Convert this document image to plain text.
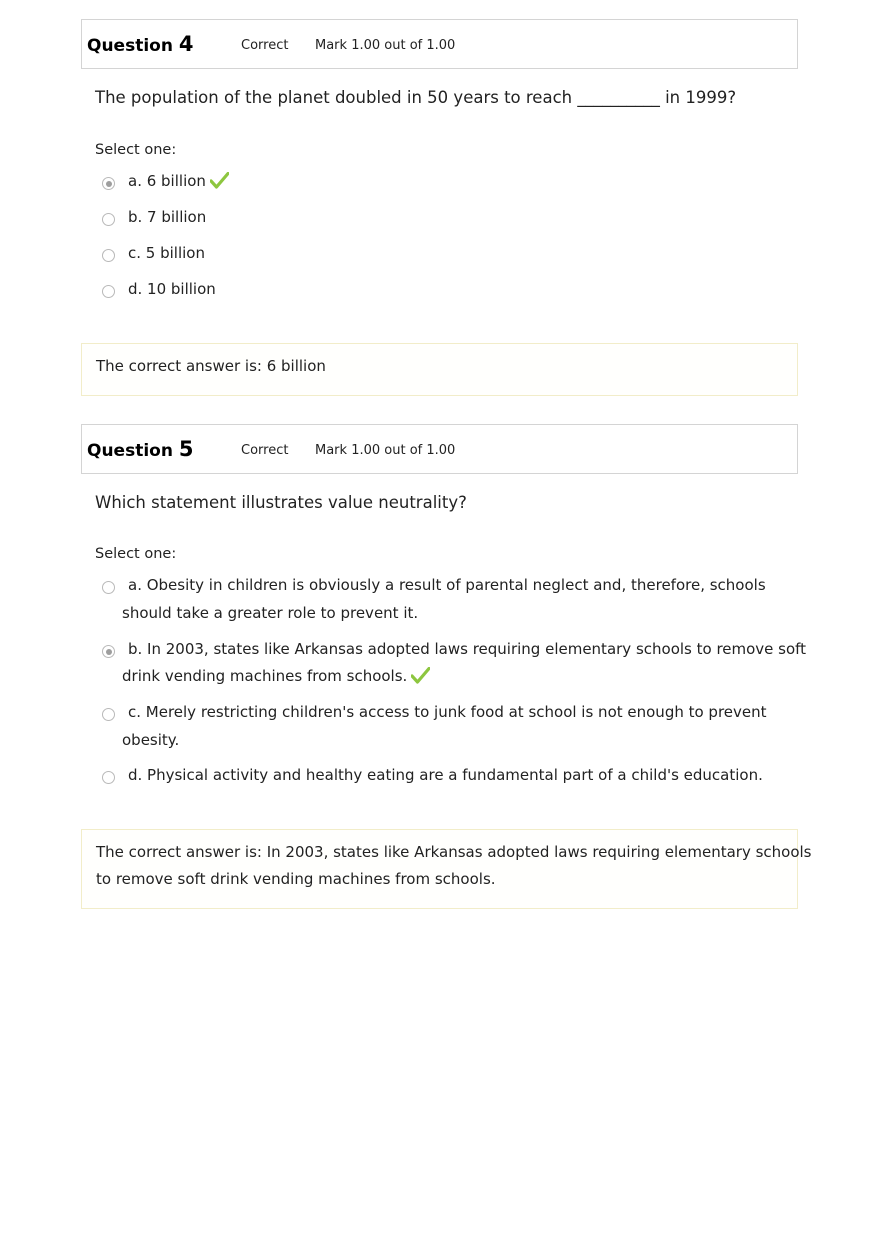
Question 4	Correct Mark 1.00 out of 1.00
The population of the planet doubled in 50 years to reach __________ in 1999?
Select one:
a. 6 billion
b. 7 billion
c. 5 billion
d. 10 billion
The correct answer is: 6 billion
Question 5	Correct Mark 1.00 out of 1.00
Which statement illustrates value neutrality?
Select one:
a. Obesity in children is obviously a result of parental neglect and, therefore, schools
should take a greater role to prevent it.
b. In 2003, states like Arkansas adopted laws requiring elementary schools to remove soft
drink vending machines from schools.
c. Merely restricting children's access to junk food at school is not enough to prevent
obesity.
d. Physical activity and healthy eating are a fundamental part of a child's education.
The correct answer is: In 2003, states like Arkansas adopted laws requiring elementary schools
to remove soft drink vending machines from schools.
